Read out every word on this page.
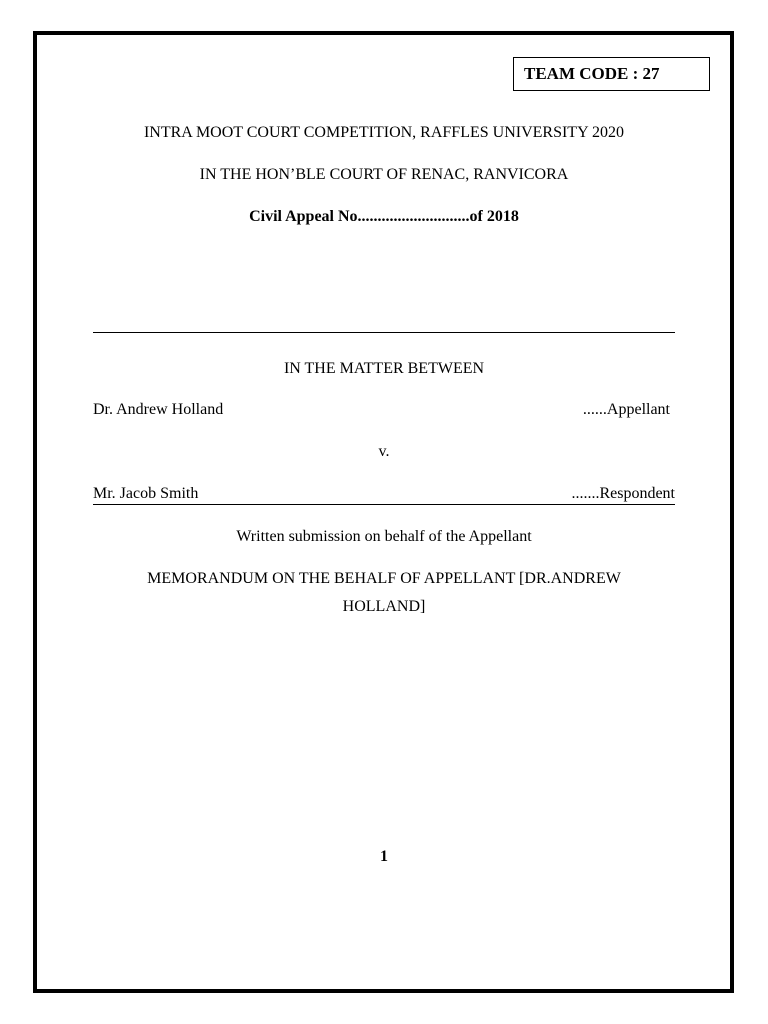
TEAM CODE : 27
INTRA MOOT COURT COMPETITION, RAFFLES UNIVERSITY 2020
IN THE HON’BLE COURT OF RENAC, RANVICORA
Civil Appeal No............................of 2018
IN THE MATTER BETWEEN
Dr. Andrew Holland	......Appellant
v.
Mr. Jacob Smith	.......Respondent
Written submission on behalf of the Appellant
MEMORANDUM ON THE BEHALF OF APPELLANT [DR.ANDREW
HOLLAND]
1
